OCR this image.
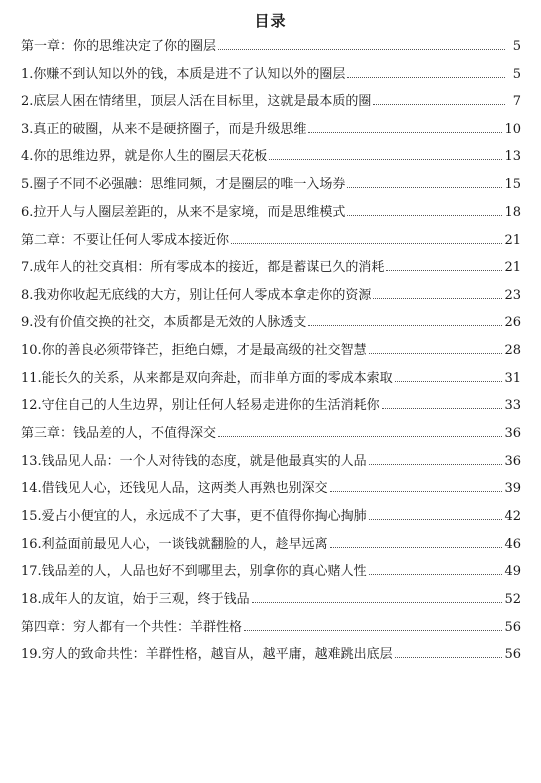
目录
第一章：你的思维决定了你的圈层	5
1.你赚不到认知以外的钱，本质是进不了认知以外的圈层	5
2.底层人困在情绪里，顶层人活在目标里，这就是最本质的圈	7
3.真正的破圈，从来不是硬挤圈子，而是升级思维	10
4.你的思维边界，就是你人生的圈层天花板	13
5.圈子不同不必强融：思维同频，才是圈层的唯一入场券	15
6.拉开人与人圈层差距的，从来不是家境，而是思维模式	18
第二章：不要让任何人零成本接近你	21
7.成年人的社交真相：所有零成本的接近，都是蓄谋已久的消耗	21
8.我劝你收起无底线的大方，别让任何人零成本拿走你的资源	23
9.没有价值交换的社交，本质都是无效的人脉透支	26
10.你的善良必须带锋芒，拒绝白嫖，才是最高级的社交智慧	28
11.能长久的关系，从来都是双向奔赴，而非单方面的零成本索取	31
12.守住自己的人生边界，别让任何人轻易走进你的生活消耗你	33
第三章：钱品差的人，不值得深交	36
13.钱品见人品：一个人对待钱的态度，就是他最真实的人品	36
14.借钱见人心，还钱见人品，这两类人再熟也别深交	39
15.爱占小便宜的人，永远成不了大事，更不值得你掏心掏肺	42
16.利益面前最见人心，一谈钱就翻脸的人，趁早远离	46
17.钱品差的人，人品也好不到哪里去，别拿你的真心赌人性	49
18.成年人的友谊，始于三观，终于钱品	52
第四章：穷人都有一个共性：羊群性格	56
19.穷人的致命共性：羊群性格，越盲从，越平庸，越难跳出底层	56
